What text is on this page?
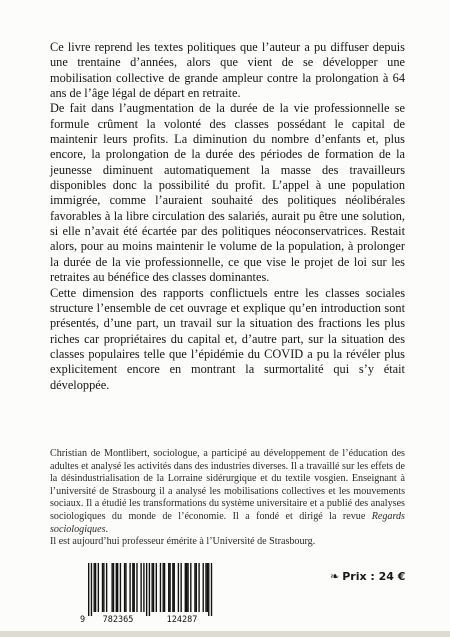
Ce livre reprend les textes politiques que l’auteur a pu diffuser depuis une trentaine d’années, alors que vient de se développer une mobilisation collective de grande ampleur contre la prolongation à 64 ans de l’âge légal de départ en retraite.

De fait dans l’augmentation de la durée de la vie professionnelle se formule crûment la volonté des classes possédant le capital de maintenir leurs profits. La diminution du nombre d’enfants et, plus encore, la prolongation de la durée des périodes de formation de la jeunesse diminuent automatiquement la masse des travailleurs disponibles donc la possibilité du profit. L’appel à une population immigrée, comme l’auraient souhaité des politiques néolibérales favorables à la libre circulation des salariés, aurait pu être une solution, si elle n’avait été écartée par des politiques néoconservatrices. Restait alors, pour au moins maintenir le volume de la population, à prolonger la durée de la vie professionnelle, ce que vise le projet de loi sur les retraites au bénéfice des classes dominantes.

Cette dimension des rapports conflictuels entre les classes sociales structure l’ensemble de cet ouvrage et explique qu’en introduction sont présentés, d’une part, un travail sur la situation des fractions les plus riches car propriétaires du capital et, d’autre part, sur la situation des classes populaires telle que l’épidémie du COVID a pu la révéler plus explicitement encore en montrant la surmortalité qui s’y était développée.

Christian de Montlibert, sociologue, a participé au développement de l’éducation des adultes et analysé les activités dans des industries diverses. Il a travaillé sur les effets de la désindustrialisation de la Lorraine sidérurgique et du textile vosgien. Enseignant à l’université de Strasbourg il a analysé les mobilisations collectives et les mouvements sociaux. Il a étudié les transformations du système universitaire et a publié des analyses sociologiques du monde de l’économie. Il a fondé et dirigé la revue Regards sociologiques.

Il est aujourd’hui professeur émérite à l’Université de Strasbourg.

9 782365	124287
❧ Prix : 24 €
